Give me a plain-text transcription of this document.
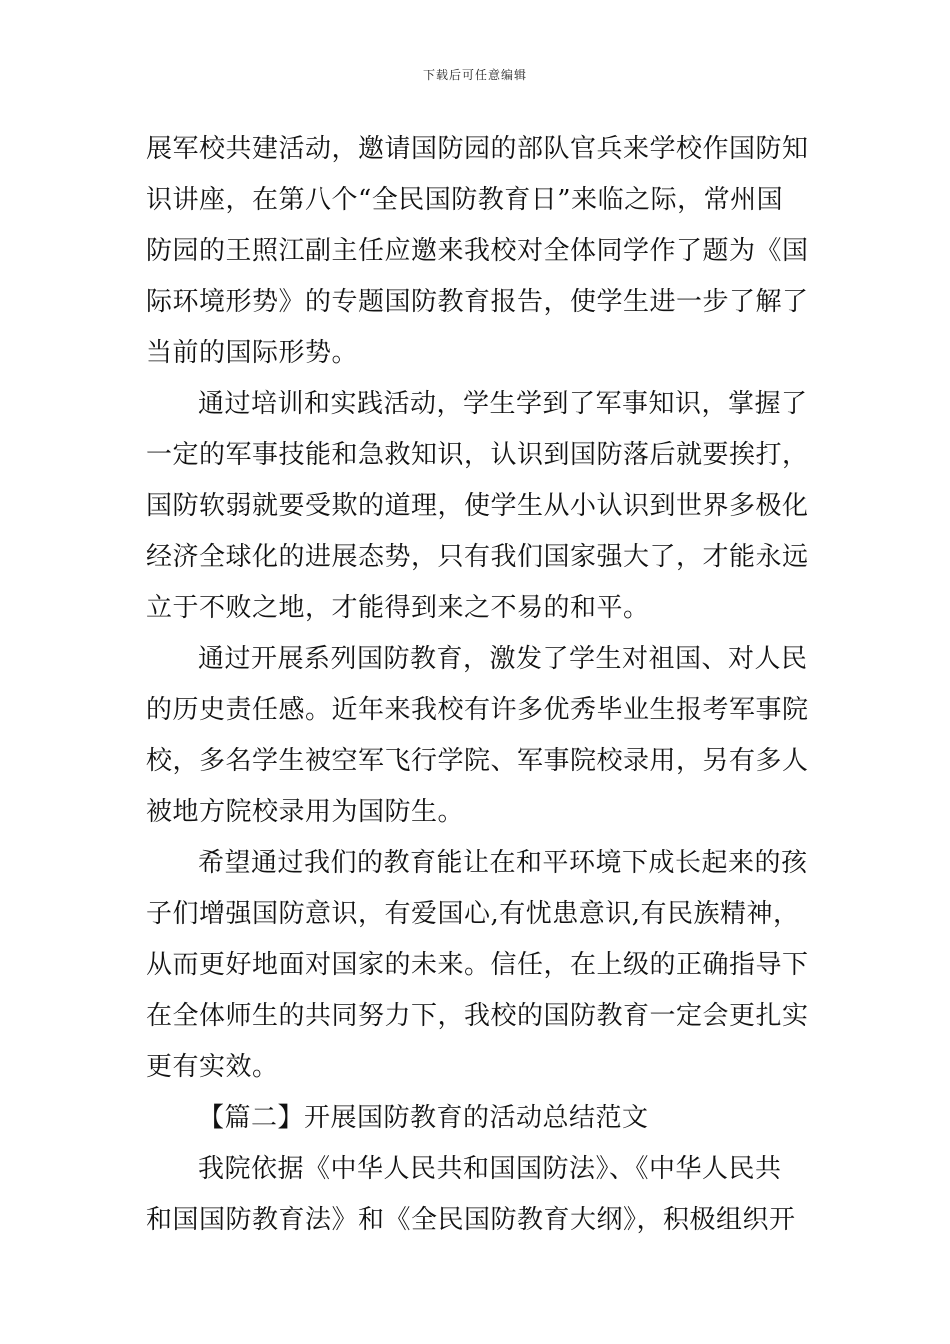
下载后可任意编辑
展军校共建活动，邀请国防园的部队官兵来学校作国防知
识讲座，在第八个“全民国防教育日”来临之际，常州国
防园的王照江副主任应邀来我校对全体同学作了题为《国
际环境形势》的专题国防教育报告，使学生进一步了解了
当前的国际形势。
通过培训和实践活动，学生学到了军事知识，掌握了
一定的军事技能和急救知识，认识到国防落后就要挨打，
国防软弱就要受欺的道理，使学生从小认识到世界多极化
经济全球化的进展态势，只有我们国家强大了，才能永远
立于不败之地，才能得到来之不易的和平。
通过开展系列国防教育，激发了学生对祖国、对人民
的历史责任感。近年来我校有许多优秀毕业生报考军事院
校，多名学生被空军飞行学院、军事院校录用，另有多人
被地方院校录用为国防生。
希望通过我们的教育能让在和平环境下成长起来的孩
子们增强国防意识，有爱国心,有忧患意识,有民族精神，
从而更好地面对国家的未来。信任，在上级的正确指导下
在全体师生的共同努力下，我校的国防教育一定会更扎实
更有实效。
【篇二】开展国防教育的活动总结范文
我院依据《中华人民共和国国防法》、《中华人民共
和国国防教育法》和《全民国防教育大纲》，积极组织开
